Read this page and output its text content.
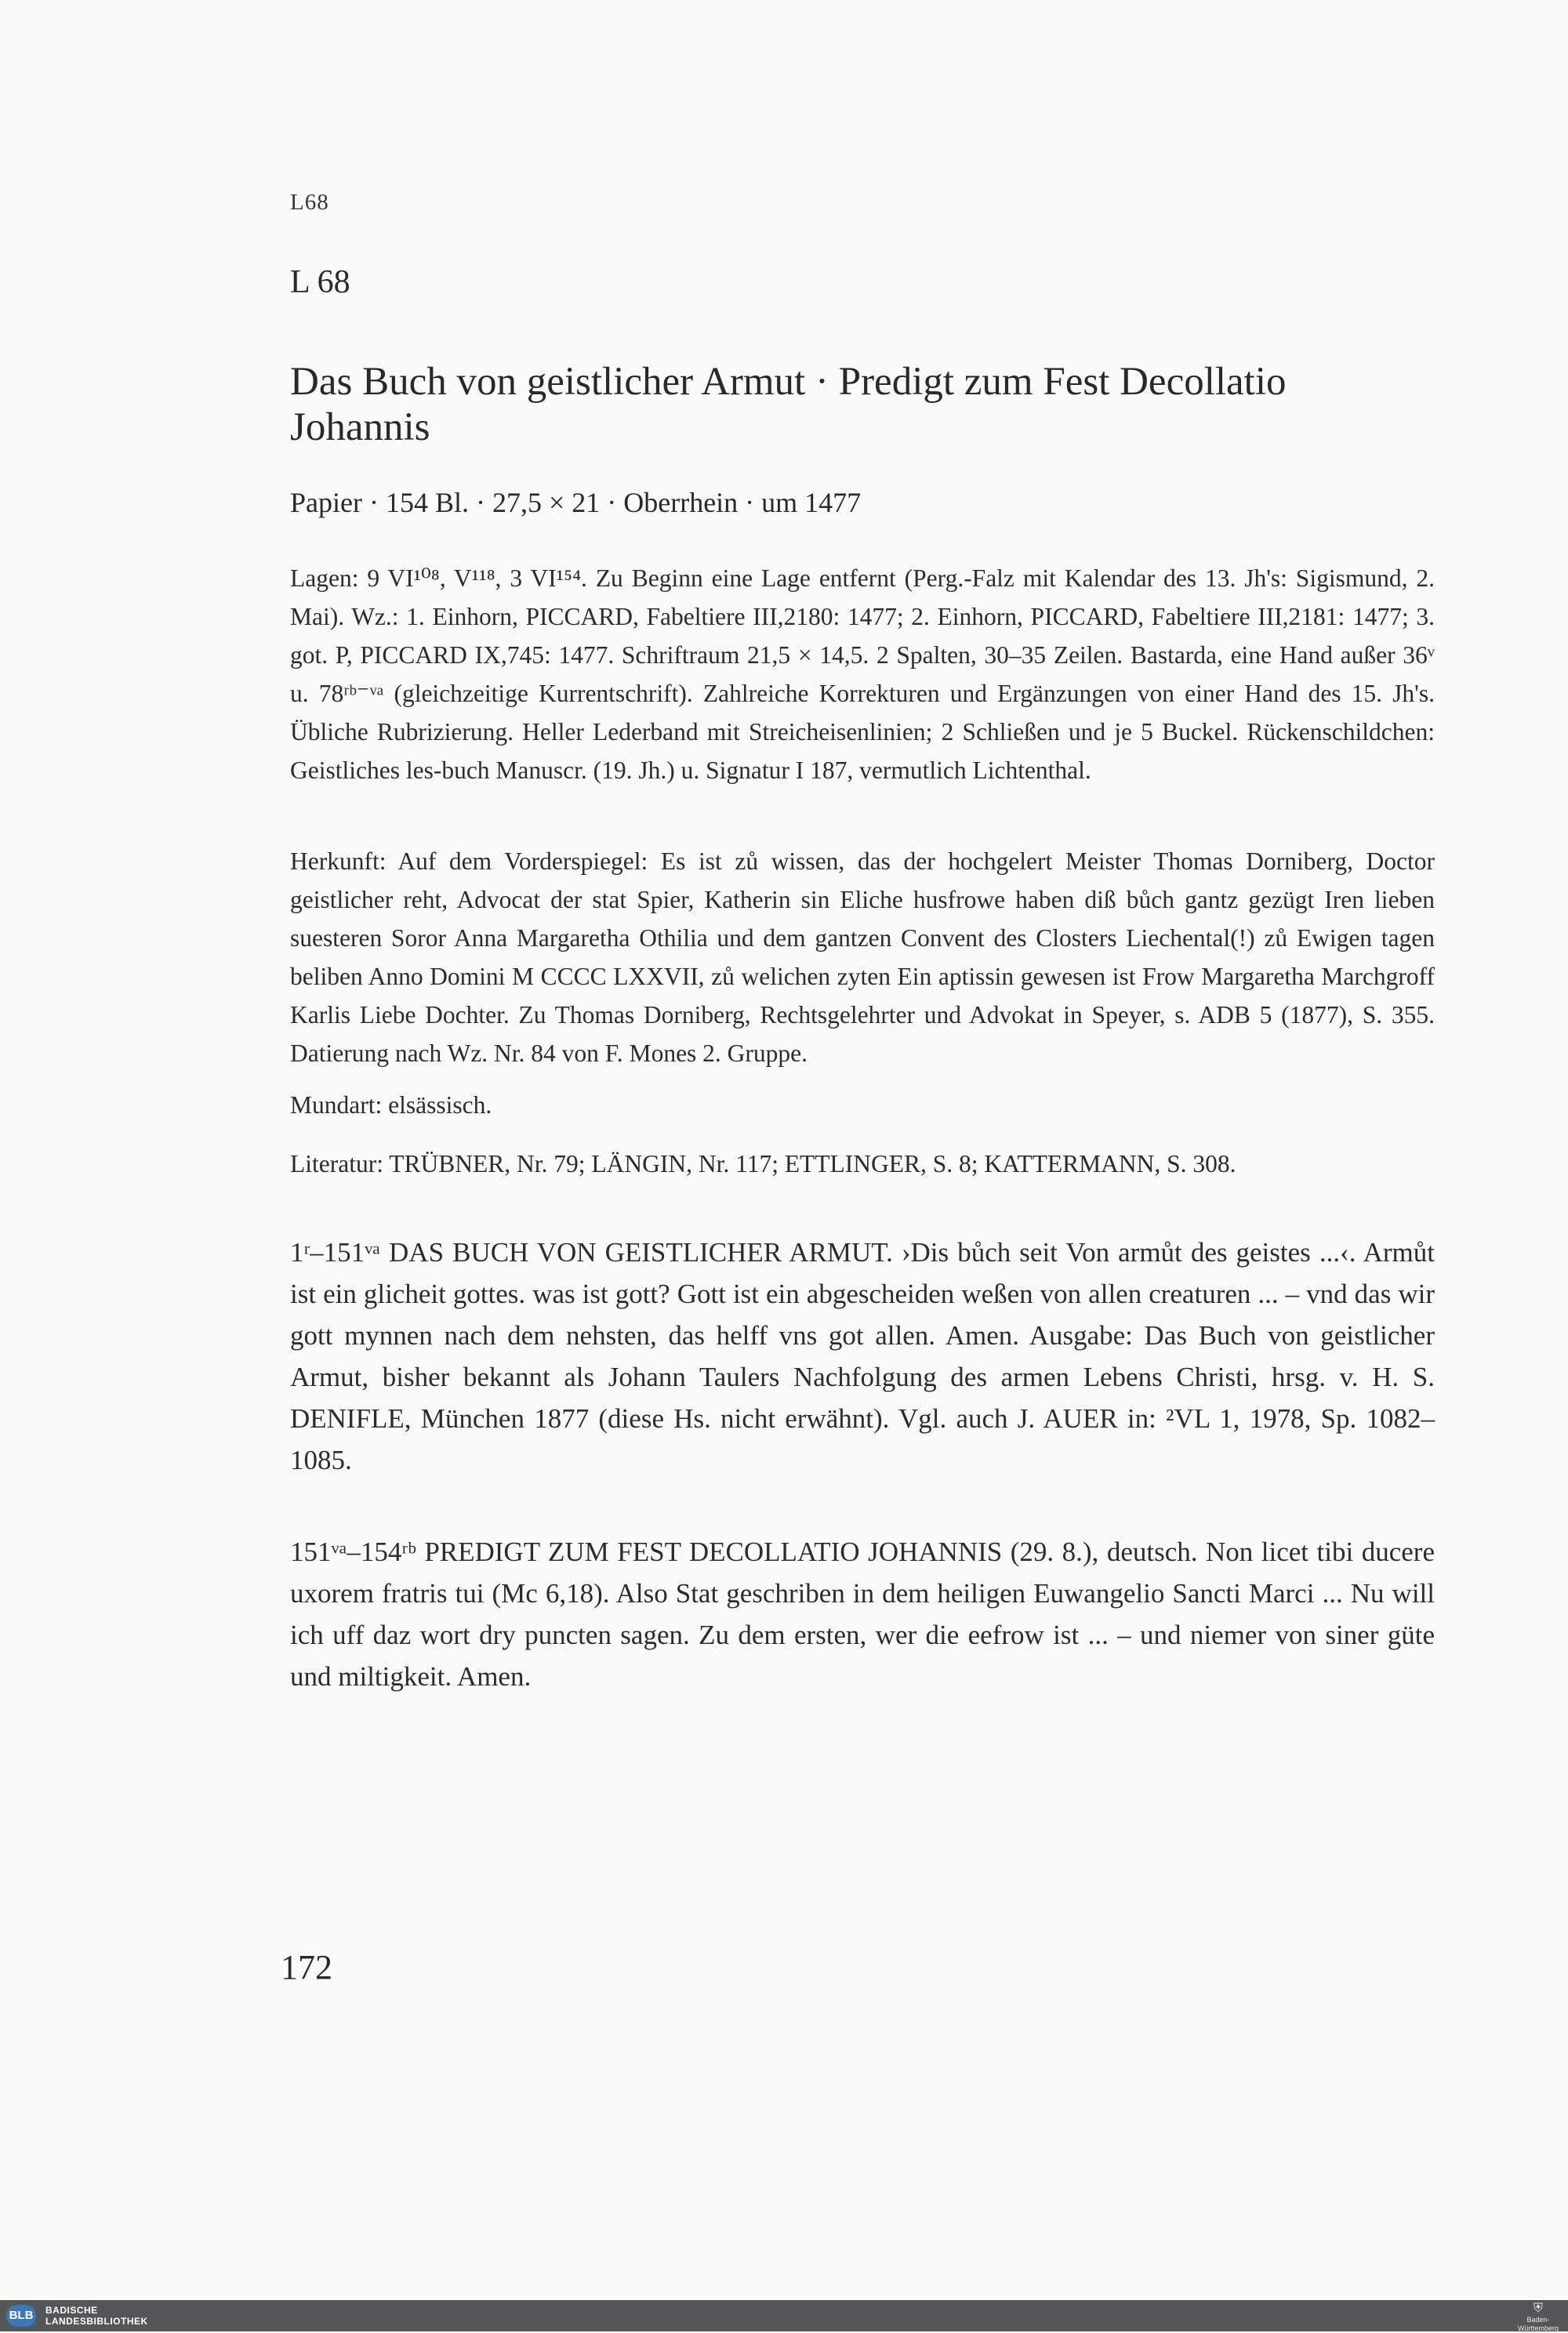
L68
L 68
Das Buch von geistlicher Armut · Predigt zum Fest Decollatio Johannis
Papier · 154 Bl. · 27,5 × 21 · Oberrhein · um 1477
Lagen: 9 VI¹⁰⁸, V¹¹⁸, 3 VI¹⁵⁴. Zu Beginn eine Lage entfernt (Perg.-Falz mit Kalendar des 13. Jh's: Sigismund, 2. Mai). Wz.: 1. Einhorn, PICCARD, Fabeltiere III,2180: 1477; 2. Einhorn, PICCARD, Fabeltiere III,2181: 1477; 3. got. P, PICCARD IX,745: 1477. Schriftraum 21,5 × 14,5. 2 Spalten, 30–35 Zeilen. Bastarda, eine Hand außer 36ᵛ u. 78ʳᵇ⁻ᵛᵃ (gleichzeitige Kurrentschrift). Zahlreiche Korrekturen und Ergänzungen von einer Hand des 15. Jh's. Übliche Rubrizierung. Heller Lederband mit Streicheisenlinien; 2 Schließen und je 5 Buckel. Rückenschildchen: Geistliches les-buch Manuscr. (19. Jh.) u. Signatur I 187, vermutlich Lichtenthal.
Herkunft: Auf dem Vorderspiegel: Es ist zů wissen, das der hochgelert Meister Thomas Dorniberg, Doctor geistlicher reht, Advocat der stat Spier, Katherin sin Eliche husfrowe haben diß bůch gantz gezügt Iren lieben suesteren Soror Anna Margaretha Othilia und dem gantzen Convent des Closters Liechental(!) zů Ewigen tagen beliben Anno Domini M CCCC LXXVII, zů welichen zyten Ein aptissin gewesen ist Frow Margaretha Marchgroff Karlis Liebe Dochter. Zu Thomas Dorniberg, Rechtsgelehrter und Advokat in Speyer, s. ADB 5 (1877), S. 355. Datierung nach Wz. Nr. 84 von F. Mones 2. Gruppe.
Mundart: elsässisch.
Literatur: TRÜBNER, Nr. 79; LÄNGIN, Nr. 117; ETTLINGER, S. 8; KATTERMANN, S. 308.
1ʳ–151ᵛᵃ DAS BUCH VON GEISTLICHER ARMUT. ›Dis bůch seit Von armůt des geistes ...‹. Armůt ist ein glicheit gottes. was ist gott? Gott ist ein abgescheiden weßen von allen creaturen ... – vnd das wir gott mynnen nach dem nehsten, das helff vns got allen. Amen. Ausgabe: Das Buch von geistlicher Armut, bisher bekannt als Johann Taulers Nachfolgung des armen Lebens Christi, hrsg. v. H. S. DENIFLE, München 1877 (diese Hs. nicht erwähnt). Vgl. auch J. AUER in: ²VL 1, 1978, Sp. 1082–1085.
151ᵛᵃ–154ʳᵇ PREDIGT ZUM FEST DECOLLATIO JOHANNIS (29. 8.), deutsch. Non licet tibi ducere uxorem fratris tui (Mc 6,18). Also Stat geschriben in dem heiligen Euwangelio Sancti Marci ... Nu will ich uff daz wort dry puncten sagen. Zu dem ersten, wer die eefrow ist ... – und niemer von siner güte und miltigkeit. Amen.
172
BLB BADISCHE
LANDESBIBLIOTHEK
⛨
Baden-Württemberg
